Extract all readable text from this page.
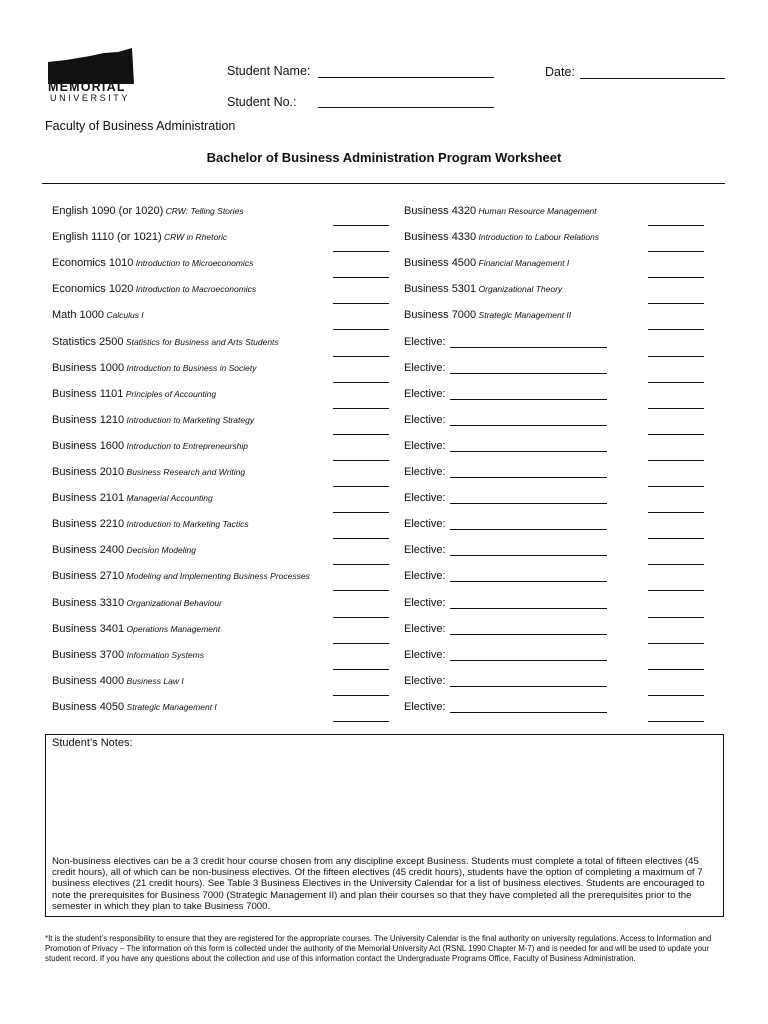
MEMORIAL
UNIVERSITY
Student Name:	Date:
Student No.:
Faculty of Business Administration
Bachelor of Business Administration Program Worksheet
English 1090 (or 1020) CRW: Telling Stories
English 1110 (or 1021) CRW in Rhetoric
Economics 1010 Introduction to Microeconomics
Economics 1020 Introduction to Macroeconomics
Math 1000 Calculus I
Statistics 2500 Statistics for Business and Arts Students
Business 1000 Introduction to Business in Society
Business 1101 Principles of Accounting
Business 1210 Introduction to Marketing Strategy
Business 1600 Introduction to Entrepreneurship
Business 2010 Business Research and Writing
Business 2101 Managerial Accounting
Business 2210 Introduction to Marketing Tactics
Business 2400 Decision Modeling
Business 2710 Modeling and Implementing Business Processes
Business 3310 Organizational Behaviour
Business 3401 Operations Management
Business 3700 Information Systems
Business 4000 Business Law I
Business 4050 Strategic Management I
Business 4320 Human Resource Management
Business 4330 Introduction to Labour Relations
Business 4500 Financial Management I
Business 5301 Organizational Theory
Business 7000 Strategic Management II
Elective:
Elective:
Elective:
Elective:
Elective:
Elective:
Elective:
Elective:
Elective:
Elective:
Elective:
Elective:
Elective:
Elective:
Elective:
Student’s Notes:
Non-business electives can be a 3 credit hour course chosen from any discipline except Business. Students must complete a total of fifteen electives (45 credit hours), all of which can be non-business electives. Of the fifteen electives (45 credit hours), students have the option of completing a maximum of 7 business electives (21 credit hours). See Table 3 Business Electives in the University Calendar for a list of business electives. Students are encouraged to note the prerequisites for Business 7000 (Strategic Management II) and plan their courses so that they have completed all the prerequisites prior to the semester in which they plan to take Business 7000.
*It is the student’s responsibility to ensure that they are registered for the appropriate courses. The University Calendar is the final authority on university regulations. Access to Information and Promotion of Privacy – The information on this form is collected under the authority of the Memorial University Act (RSNL 1990 Chapter M-7) and is needed for and will be used to update your student record. If you have any questions about the collection and use of this information contact the Undergraduate Programs Office, Faculty of Business Administration.
